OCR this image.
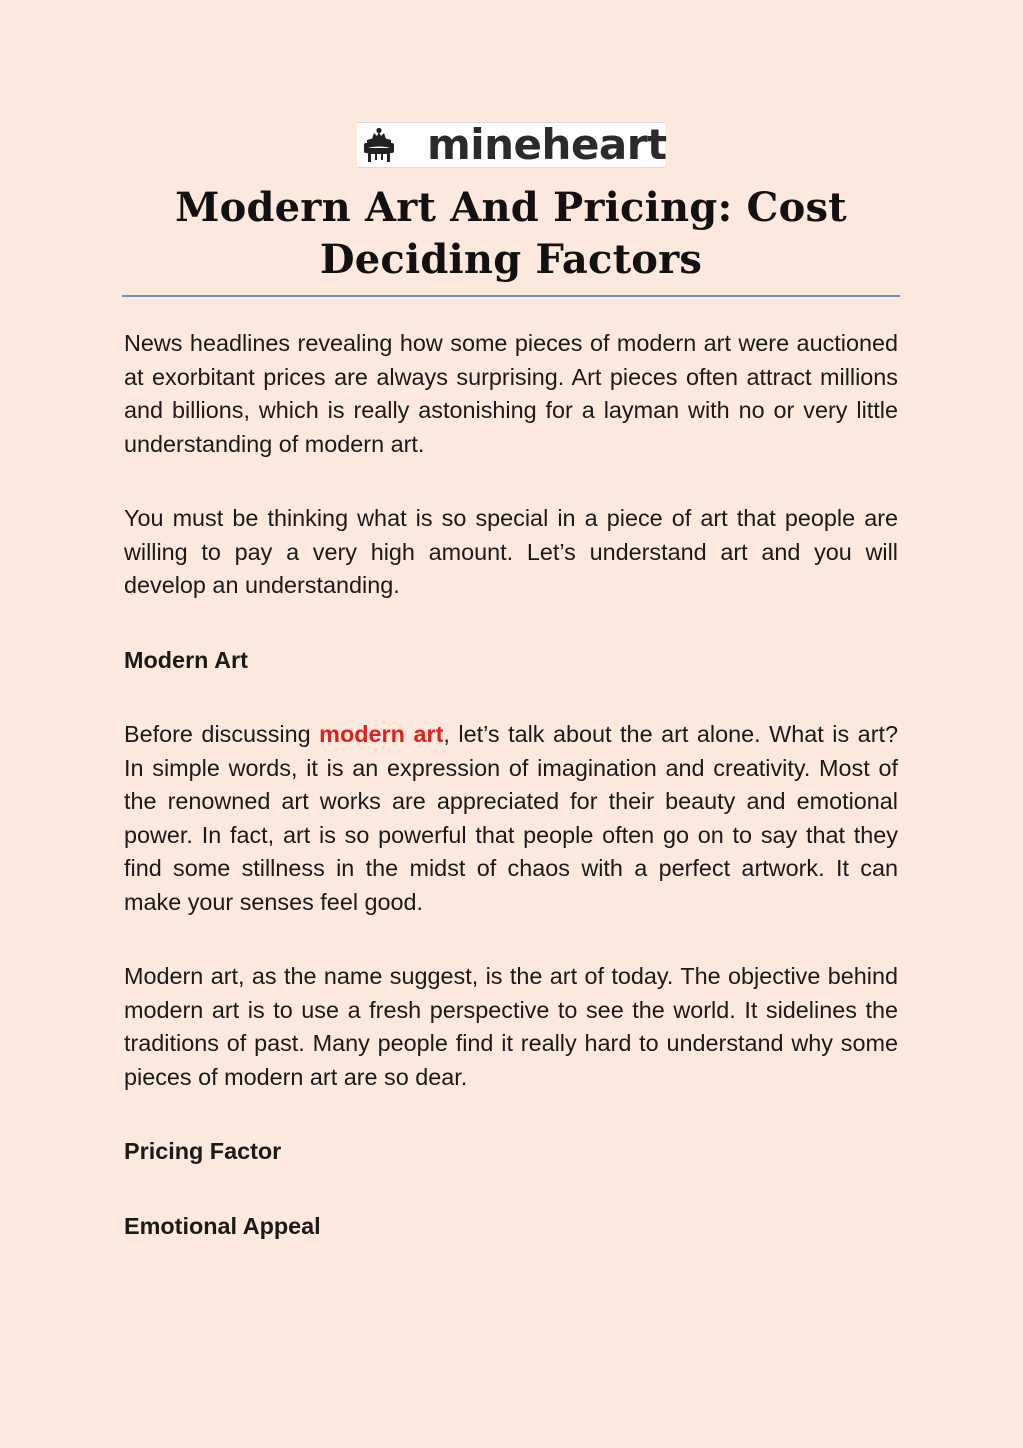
mineheart
Modern Art And Pricing: Cost Deciding Factors

News headlines revealing how some pieces of modern art were auctioned at exorbitant prices are always surprising. Art pieces often attract millions and billions, which is really astonishing for a layman with no or very little understanding of modern art.

You must be thinking what is so special in a piece of art that people are willing to pay a very high amount. Let’s understand art and you will develop an understanding.

Modern Art

Before discussing modern art, let’s talk about the art alone. What is art? In simple words, it is an expression of imagination and creativity. Most of the renowned art works are appreciated for their beauty and emotional power. In fact, art is so powerful that people often go on to say that they find some stillness in the midst of chaos with a perfect artwork. It can make your senses feel good.

Modern art, as the name suggest, is the art of today. The objective behind modern art is to use a fresh perspective to see the world. It sidelines the traditions of past. Many people find it really hard to understand why some pieces of modern art are so dear.

Pricing Factor

Emotional Appeal
